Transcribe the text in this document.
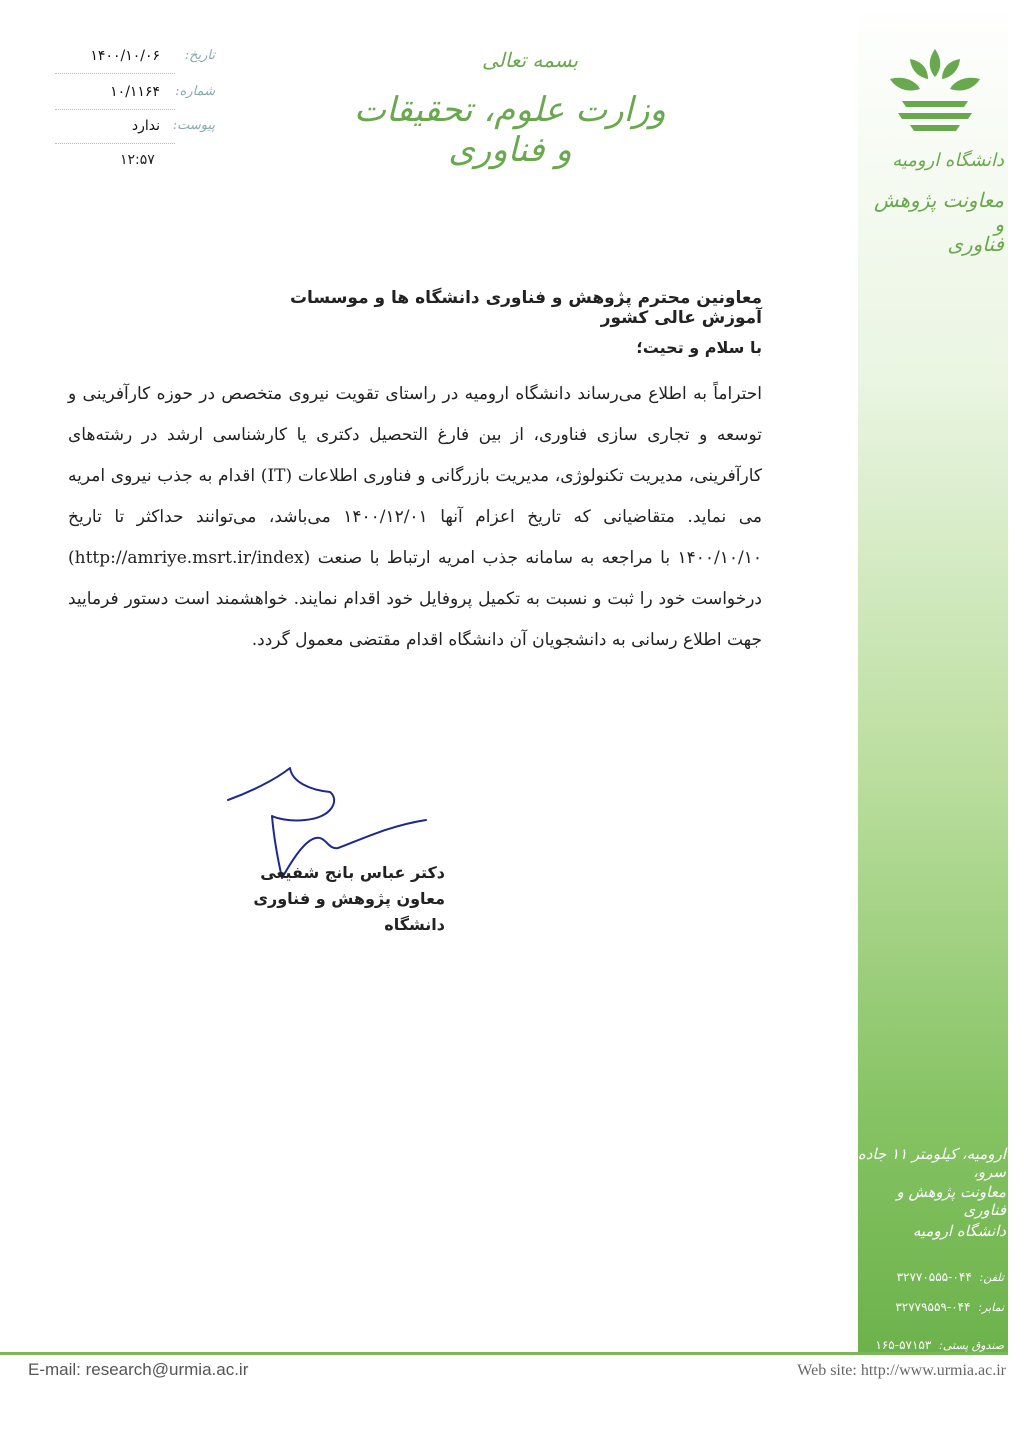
دانشگاه ارومیه
معاونت پژوهش و
فناوری
ارومیه، کیلومتر ۱۱ جاده سرو،
معاونت پژوهش و فناوری
دانشگاه ارومیه
تلفن: ۰۴۴-۳۲۷۷۰۵۵۵
نمابر: ۰۴۴-۳۲۷۷۹۵۵۹
صندوق پستی: ۵۷۱۵۳-۱۶۵
تاریخ:
۱۴۰۰/۱۰/۰۶
شماره:
۱۰/۱۱۶۴
پیوست:
ندارد
۱۲:۵۷
بسمه تعالی
وزارت علوم، تحقیقات و فناوری
معاونین محترم پژوهش و فناوری دانشگاه ها و موسسات آموزش عالی کشور
با سلام و تحیت؛
احتراماً به اطلاع می‌رساند دانشگاه ارومیه در راستای تقویت نیروی متخصص در حوزه کارآفرینی و توسعه و تجاری سازی فناوری، از بین فارغ التحصیل دکتری یا کارشناسی ارشد در رشته‌های کارآفرینی، مدیریت تکنولوژی، مدیریت بازرگانی و فناوری اطلاعات (IT) اقدام به جذب نیروی امریه می نماید. متقاضیانی که تاریخ اعزام آنها ۱۴۰۰/۱۲/۰۱ می‌باشد، می‌توانند حداکثر تا تاریخ ۱۴۰۰/۱۰/۱۰ با مراجعه به سامانه جذب امریه ارتباط با صنعت (http://amriye.msrt.ir/index) درخواست خود را ثبت و نسبت به تکمیل پروفایل خود اقدام نمایند. خواهشمند است دستور فرمایید جهت اطلاع رسانی به دانشجویان آن دانشگاه اقدام مقتضی معمول گردد.
دکتر عباس بانج شفیعی
معاون پژوهش و فناوری دانشگاه
E-mail: research@urmia.ac.ir	Web site: http://www.urmia.ac.ir
